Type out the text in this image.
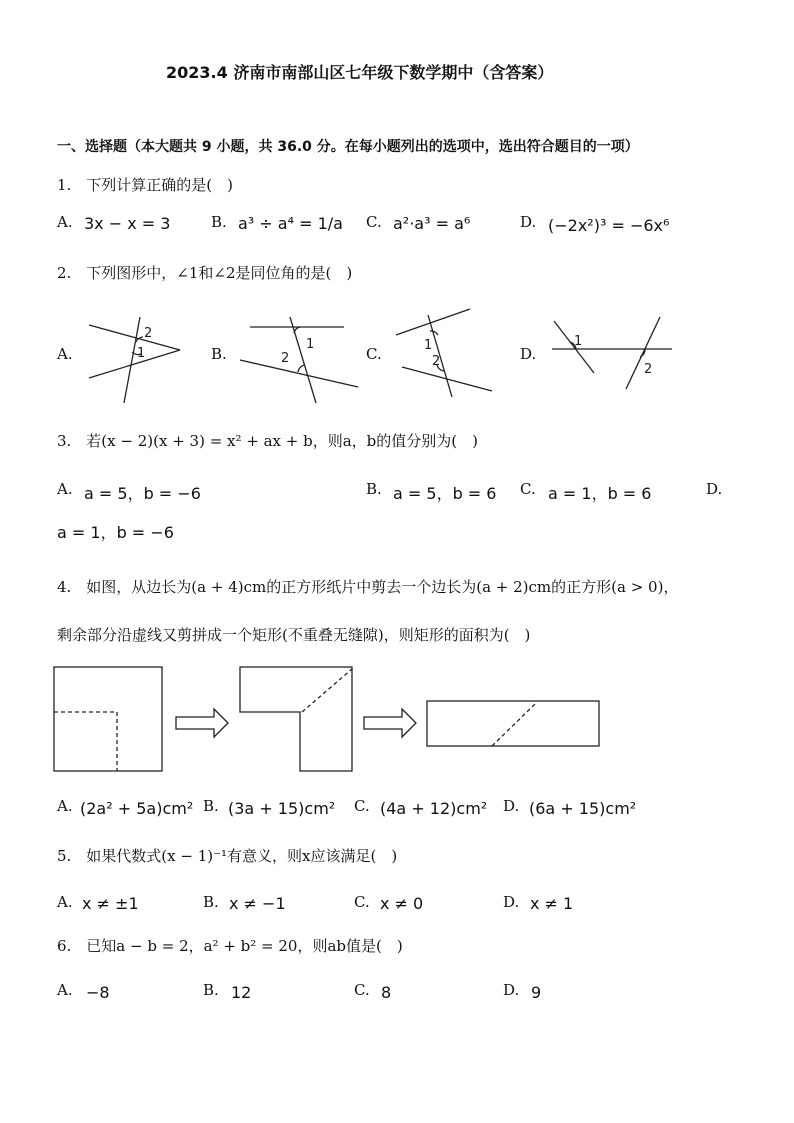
2023.4 济南市南部山区七年级下数学期中（含答案）
一、选择题（本大题共 9 小题，共 36.0 分。在每小题列出的选项中，选出符合题目的一项）
1.　下列计算正确的是(　)
A. 3x − x = 3	B. a³ ÷ a⁴ = 1/a C. a²·a³ = a⁶	D. (−2x²)³ = −6x⁶
2.　下列图形中，∠1和∠2是同位角的是(　)
A.
2
1	B.
1
2	C.	1
2	D.
1
2
3.　若(x − 2)(x + 3) = x² + ax + b，则a，b的值分别为(　)
A. a = 5，b = −6	B. a = 5，b = 6 C. a = 1，b = 6	D.
a = 1，b = −6
4.　如图，从边长为(a + 4)cm的正方形纸片中剪去一个边长为(a + 2)cm的正方形(a > 0)，
剩余部分沿虚线又剪拼成一个矩形(不重叠无缝隙)，则矩形的面积为(　)
A. (2a² + 5a)cm² B. (3a + 15)cm² C. (4a + 12)cm² D. (6a + 15)cm²
5.　如果代数式(x − 1)⁻¹有意义，则x应该满足(　)
A. x ≠ ±1	B. x ≠ −1	C. x ≠ 0	D. x ≠ 1
6.　已知a − b = 2，a² + b² = 20，则ab值是(　)
A. −8	B. 12	C. 8	D. 9
